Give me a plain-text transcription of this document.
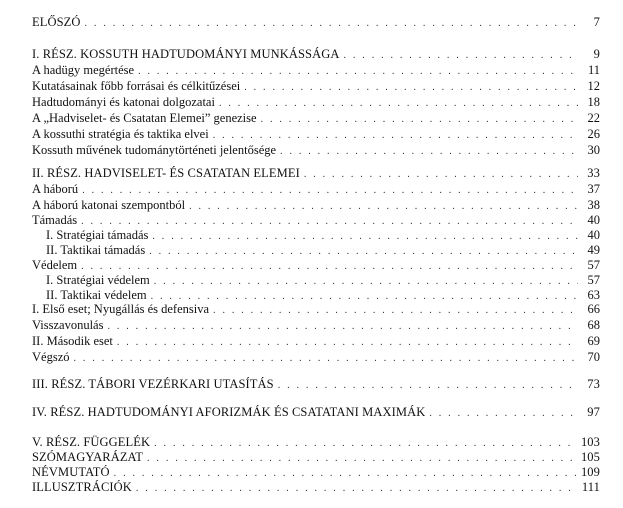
ELŐSZÓ . . .	7
I. RÉSZ. KOSSUTH HADTUDOMÁNYI MUNKÁSSÁGA . . .	9
A hadügy megértése . . .	11
Kutatásainak főbb forrásai és célkitűzései . . .	12
Hadtudományi és katonai dolgozatai . . .	18
A „Hadviselet- és Csatatan Elemei” genezise . . .	22
A kossuthi stratégia és taktika elvei . . .	26
Kossuth művének tudománytörténeti jelentősége . . .	30
II. RÉSZ. HADVISELET- ÉS CSATATAN ELEMEI . . .	33
A háború . . .	37
A háború katonai szempontból . . .	38
Támadás . . .	40
I. Stratégiai támadás . . .	40
II. Taktikai támadás . . .	49
Védelem . . .	57
I. Stratégiai védelem . . .	57
II. Taktikai védelem . . .	63
I. Első eset; Nyugállás és defensiva . . .	66
Visszavonulás . . .	68
II. Második eset . . .	69
Végszó . . .	70
III. RÉSZ. TÁBORI VEZÉRKARI UTASÍTÁS . . .	73
IV. RÉSZ. HADTUDOMÁNYI AFORIZMÁK ÉS CSATATANI MAXIMÁK . . .	97
V. RÉSZ. FÜGGELÉK . . .	103
SZÓMAGYARÁZAT . . .	105
NÉVMUTATÓ . . .	109
ILLUSZTRÁCIÓK . . .	111
